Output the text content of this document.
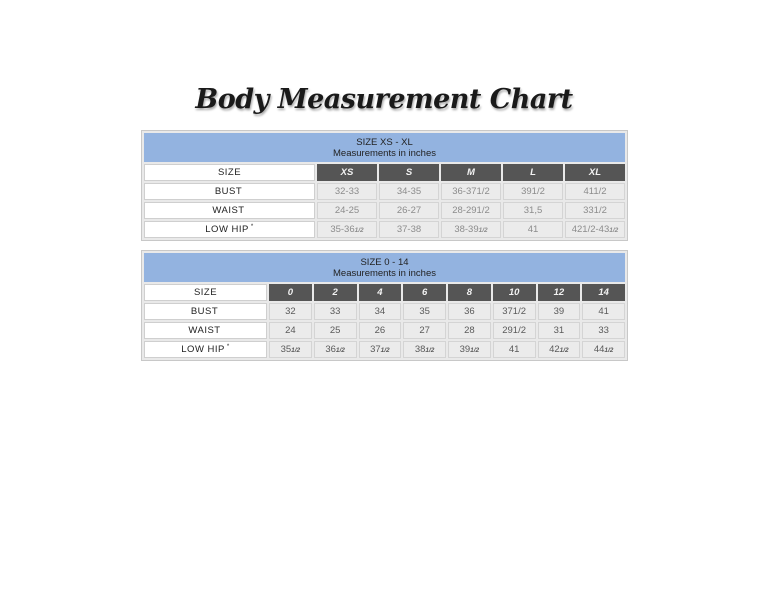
Body Measurement Chart
SIZE XS - XL
Measurements in inches					

SIZE	XS	S	M	L	XL
BUST	32-33	34-35	36-371/2	391/2	411/2
WAIST	24-25	26-27	28-291/2	31,5	331/2
LOW HIP *	35-361/2	37-38	38-391/2	41	421/2-431/2
SIZE 0 - 14
Measurements in inches								

SIZE	0	2	4	6	8	10	12	14
BUST	32	33	34	35	36	371/2	39	41
WAIST	24	25	26	27	28	291/2	31	33
LOW HIP *	351/2	361/2	371/2	381/2	391/2	41	421/2	441/2
